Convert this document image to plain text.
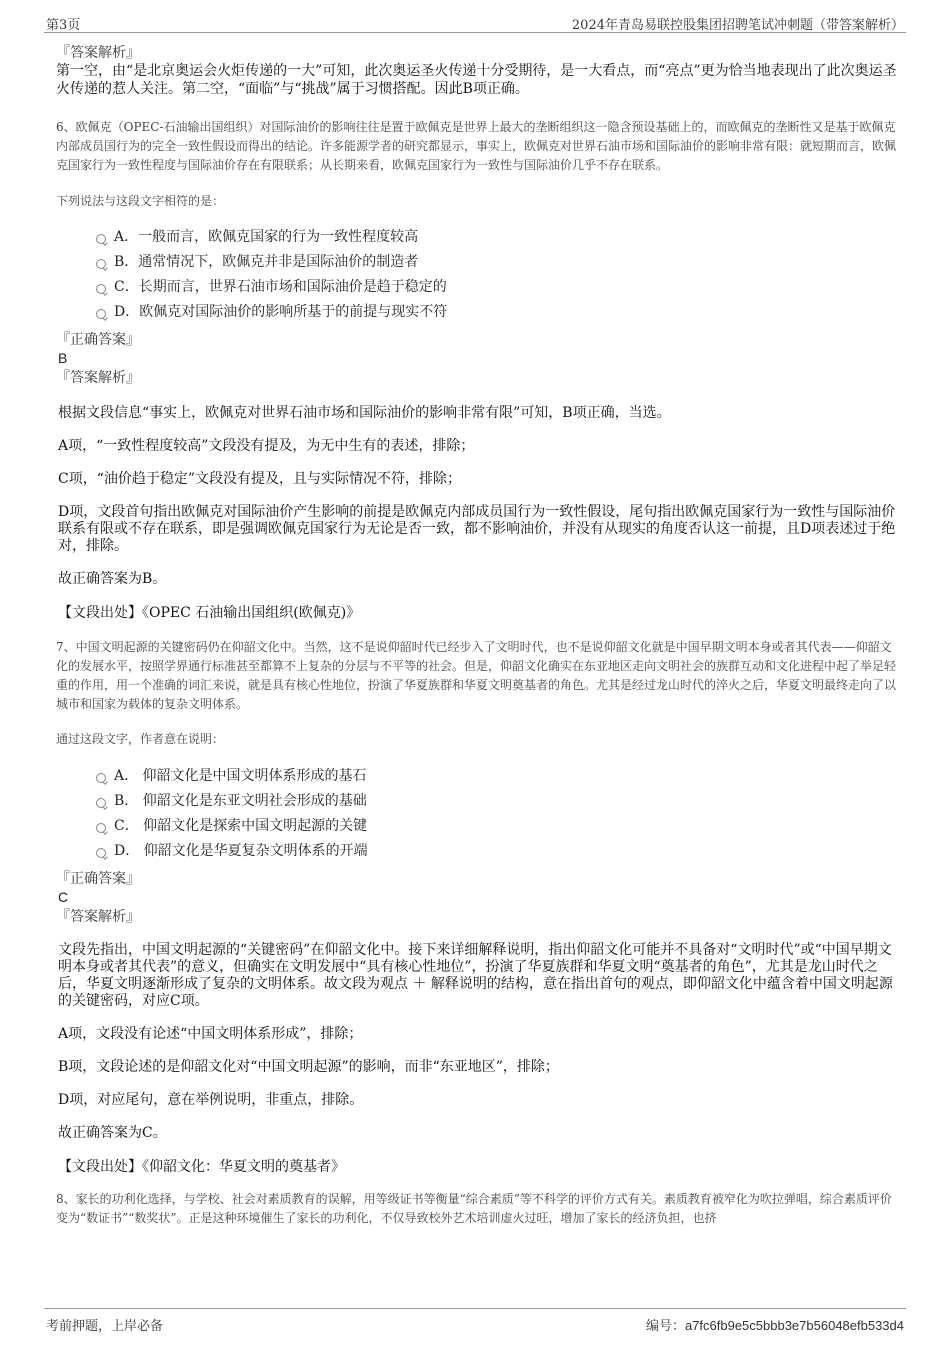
第3页	2024年青岛易联控股集团招聘笔试冲刺题（带答案解析）

『答案解析』

第一空，由“是北京奥运会火炬传递的一大”可知，此次奥运圣火传递十分受期待，是一大看点，而“亮点”更为恰当地表现出了此次奥运圣火传递的惹人关注。第二空，“面临”与“挑战”属于习惯搭配。因此B项正确。

6、欧佩克（OPEC-石油输出国组织）对国际油价的影响往往是置于欧佩克是世界上最大的垄断组织这一隐含预设基础上的，而欧佩克的垄断性又是基于欧佩克内部成员国行为的完全一致性假设而得出的结论。许多能源学者的研究都显示，事实上，欧佩克对世界石油市场和国际油价的影响非常有限：就短期而言，欧佩克国家行为一致性程度与国际油价存在有限联系；从长期来看，欧佩克国家行为一致性与国际油价几乎不存在联系。

下列说法与这段文字相符的是：

A．一般而言，欧佩克国家的行为一致性程度较高
B．通常情况下，欧佩克并非是国际油价的制造者
C．长期而言，世界石油市场和国际油价是趋于稳定的
D．欧佩克对国际油价的影响所基于的前提与现实不符

『正确答案』

B

『答案解析』

根据文段信息“事实上，欧佩克对世界石油市场和国际油价的影响非常有限”可知，B项正确，当选。

A项，“一致性程度较高”文段没有提及，为无中生有的表述，排除；

C项，“油价趋于稳定”文段没有提及，且与实际情况不符，排除；

D项，文段首句指出欧佩克对国际油价产生影响的前提是欧佩克内部成员国行为一致性假设，尾句指出欧佩克国家行为一致性与国际油价联系有限或不存在联系，即是强调欧佩克国家行为无论是否一致，都不影响油价，并没有从现实的角度否认这一前提，且D项表述过于绝对，排除。

故正确答案为B。

【文段出处】《OPEC 石油输出国组织(欧佩克)》

7、中国文明起源的关键密码仍在仰韶文化中。当然，这不是说仰韶时代已经步入了文明时代，也不是说仰韶文化就是中国早期文明本身或者其代表——仰韶文化的发展水平，按照学界通行标准甚至都算不上复杂的分层与不平等的社会。但是，仰韶文化确实在东亚地区走向文明社会的族群互动和文化进程中起了举足轻重的作用，用一个准确的词汇来说，就是具有核心性地位，扮演了华夏族群和华夏文明奠基者的角色。尤其是经过龙山时代的淬火之后，华夏文明最终走向了以城市和国家为载体的复杂文明体系。

通过这段文字，作者意在说明：

A． 仰韶文化是中国文明体系形成的基石
B． 仰韶文化是东亚文明社会形成的基础
C． 仰韶文化是探索中国文明起源的关键
D． 仰韶文化是华夏复杂文明体系的开端

『正确答案』

C

『答案解析』

文段先指出，中国文明起源的“关键密码”在仰韶文化中。接下来详细解释说明，指出仰韶文化可能并不具备对“文明时代”或“中国早期文明本身或者其代表”的意义，但确实在文明发展中“具有核心性地位”，扮演了华夏族群和华夏文明“奠基者的角色”，尤其是龙山时代之后，华夏文明逐渐形成了复杂的文明体系。故文段为观点 ＋ 解释说明的结构，意在指出首句的观点，即仰韶文化中蕴含着中国文明起源的关键密码，对应C项。

A项，文段没有论述“中国文明体系形成”，排除；

B项，文段论述的是仰韶文化对“中国文明起源”的影响，而非“东亚地区”，排除；

D项，对应尾句，意在举例说明，非重点，排除。

故正确答案为C。

【文段出处】《仰韶文化：华夏文明的奠基者》

8、家长的功利化选择，与学校、社会对素质教育的误解，用等级证书等衡量“综合素质”等不科学的评价方式有关。素质教育被窄化为吹拉弹唱，综合素质评价变为“数证书”“数奖状”。正是这种环境催生了家长的功利化，不仅导致校外艺术培训虚火过旺，增加了家长的经济负担，也挤

考前押题，上岸必备	编号：a7fc6fb9e5c5bbb3e7b56048efb533d4
